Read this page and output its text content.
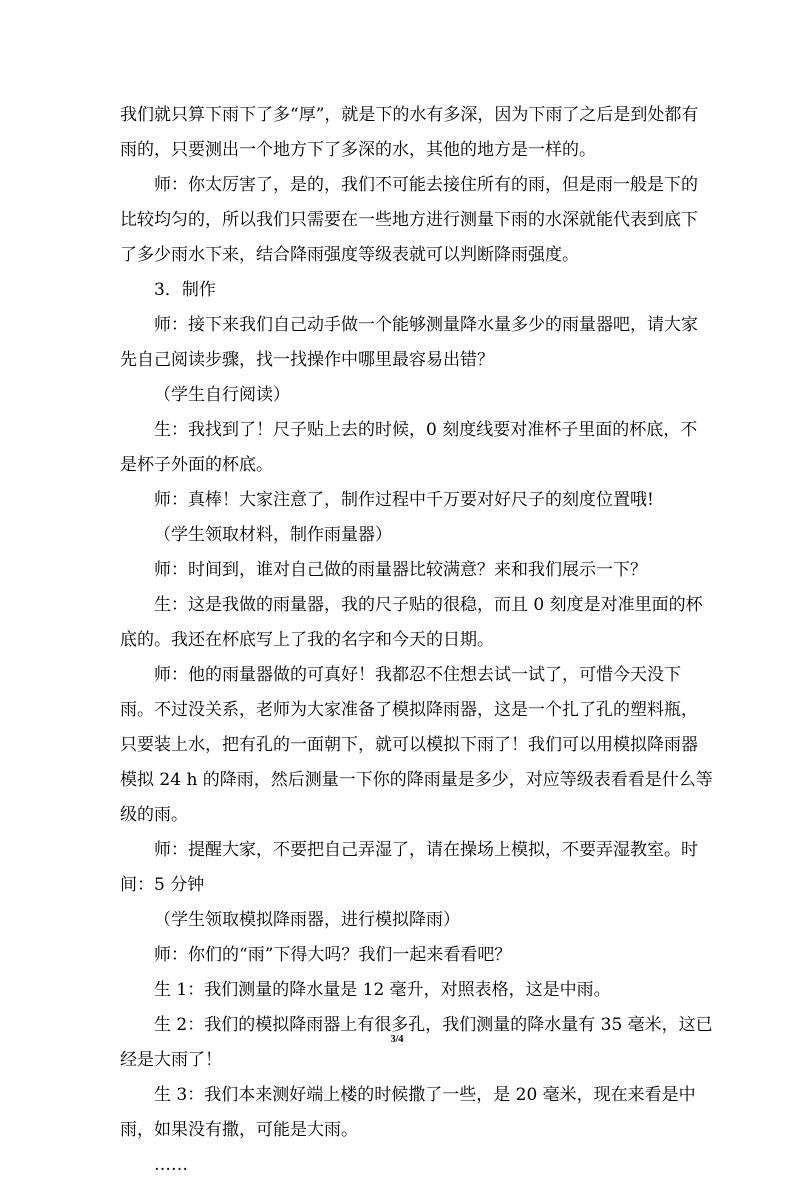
我们就只算下雨下了多“厚”，就是下的水有多深，因为下雨了之后是到处都有
雨的，只要测出一个地方下了多深的水，其他的地方是一样的。
师：你太厉害了，是的，我们不可能去接住所有的雨，但是雨一般是下的
比较均匀的，所以我们只需要在一些地方进行测量下雨的水深就能代表到底下
了多少雨水下来，结合降雨强度等级表就可以判断降雨强度。
3．制作
师：接下来我们自己动手做一个能够测量降水量多少的雨量器吧，请大家
先自己阅读步骤，找一找操作中哪里最容易出错？
（学生自行阅读）
生：我找到了！尺子贴上去的时候，0 刻度线要对准杯子里面的杯底，不
是杯子外面的杯底。
师：真棒！大家注意了，制作过程中千万要对好尺子的刻度位置哦!
（学生领取材料，制作雨量器）
师：时间到，谁对自己做的雨量器比较满意？来和我们展示一下？
生：这是我做的雨量器，我的尺子贴的很稳，而且 0 刻度是对准里面的杯
底的。我还在杯底写上了我的名字和今天的日期。
师：他的雨量器做的可真好！我都忍不住想去试一试了，可惜今天没下
雨。不过没关系，老师为大家准备了模拟降雨器，这是一个扎了孔的塑料瓶，
只要装上水，把有孔的一面朝下，就可以模拟下雨了！我们可以用模拟降雨器
模拟 24 h 的降雨，然后测量一下你的降雨量是多少，对应等级表看看是什么等
级的雨。
师：提醒大家，不要把自己弄湿了，请在操场上模拟，不要弄湿教室。时
间：5 分钟
（学生领取模拟降雨器，进行模拟降雨）
师：你们的“雨”下得大吗？我们一起来看看吧？
生 1：我们测量的降水量是 12 毫升，对照表格，这是中雨。
生 2：我们的模拟降雨器上有很多孔，我们测量的降水量有 35 毫米，这已
经是大雨了！
生 3：我们本来测好端上楼的时候撒了一些，是 20 毫米，现在来看是中
雨，如果没有撒，可能是大雨。
……
3/4
